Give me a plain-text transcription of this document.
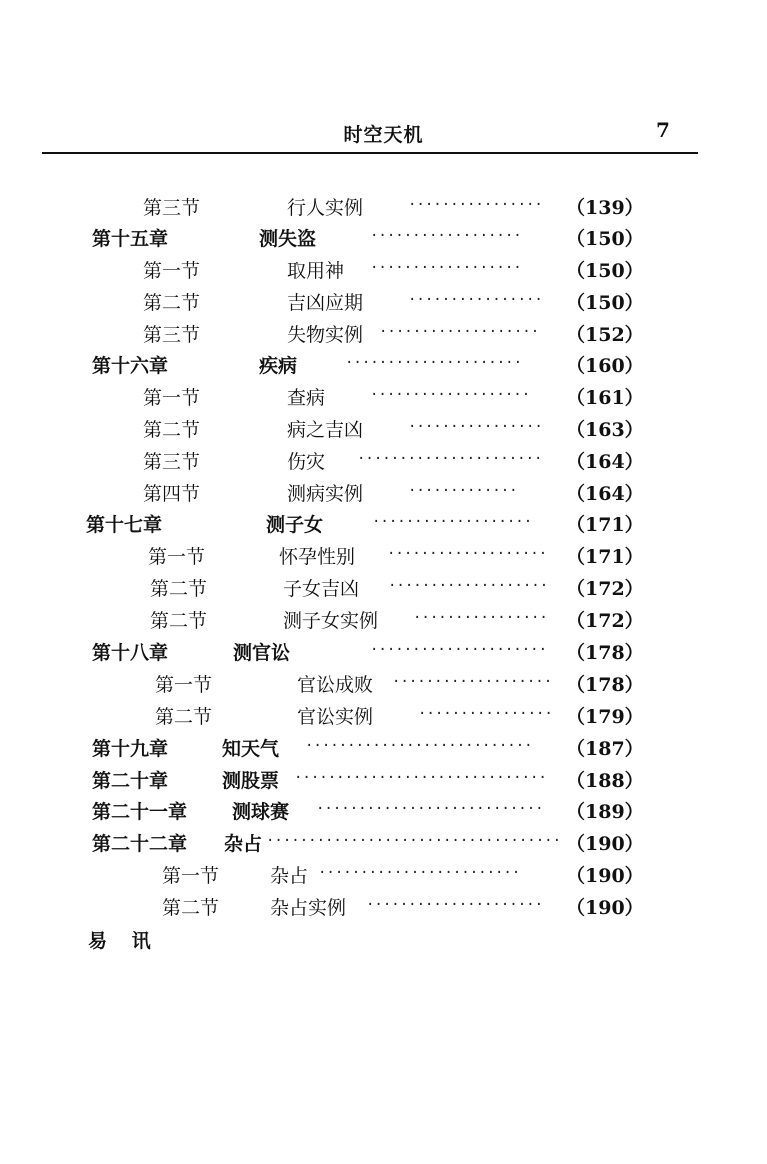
时空天机	7
第三节	行人实例	················ （139）
第十五章	测失盗	··················	（150）
第一节	取用神 ··················	（150）
第二节	吉凶应期	················ （150）
第三节	失物实例 ···················	（152）
第十六章	疾病	·····················	（160）
第一节	查病	··················· （161）
第二节	病之吉凶	················ （163）
第三节	伤灾 ······················ （164）
第四节	测病实例	·············	（164）
第十七章	测子女	··················· （171）
第一节	怀孕性别 ··················· （171）
第二节	子女吉凶 ··················· （172）
第二节	测子女实例 ················ （172）
第十八章	测官讼	····················· （178）
第一节	官讼成败 ··················· （178）
第二节	官讼实例	················ （179）
第十九章	知天气 ···························	（187）
第二十章	测股票 ······························ （188）
第二十一章 测球赛 ···························	（189）
第二十二章 杂占 ··································· （190）
第一节	杂占 ························	（190）
第二节	杂占实例 ·····················	（190）
易 讯
